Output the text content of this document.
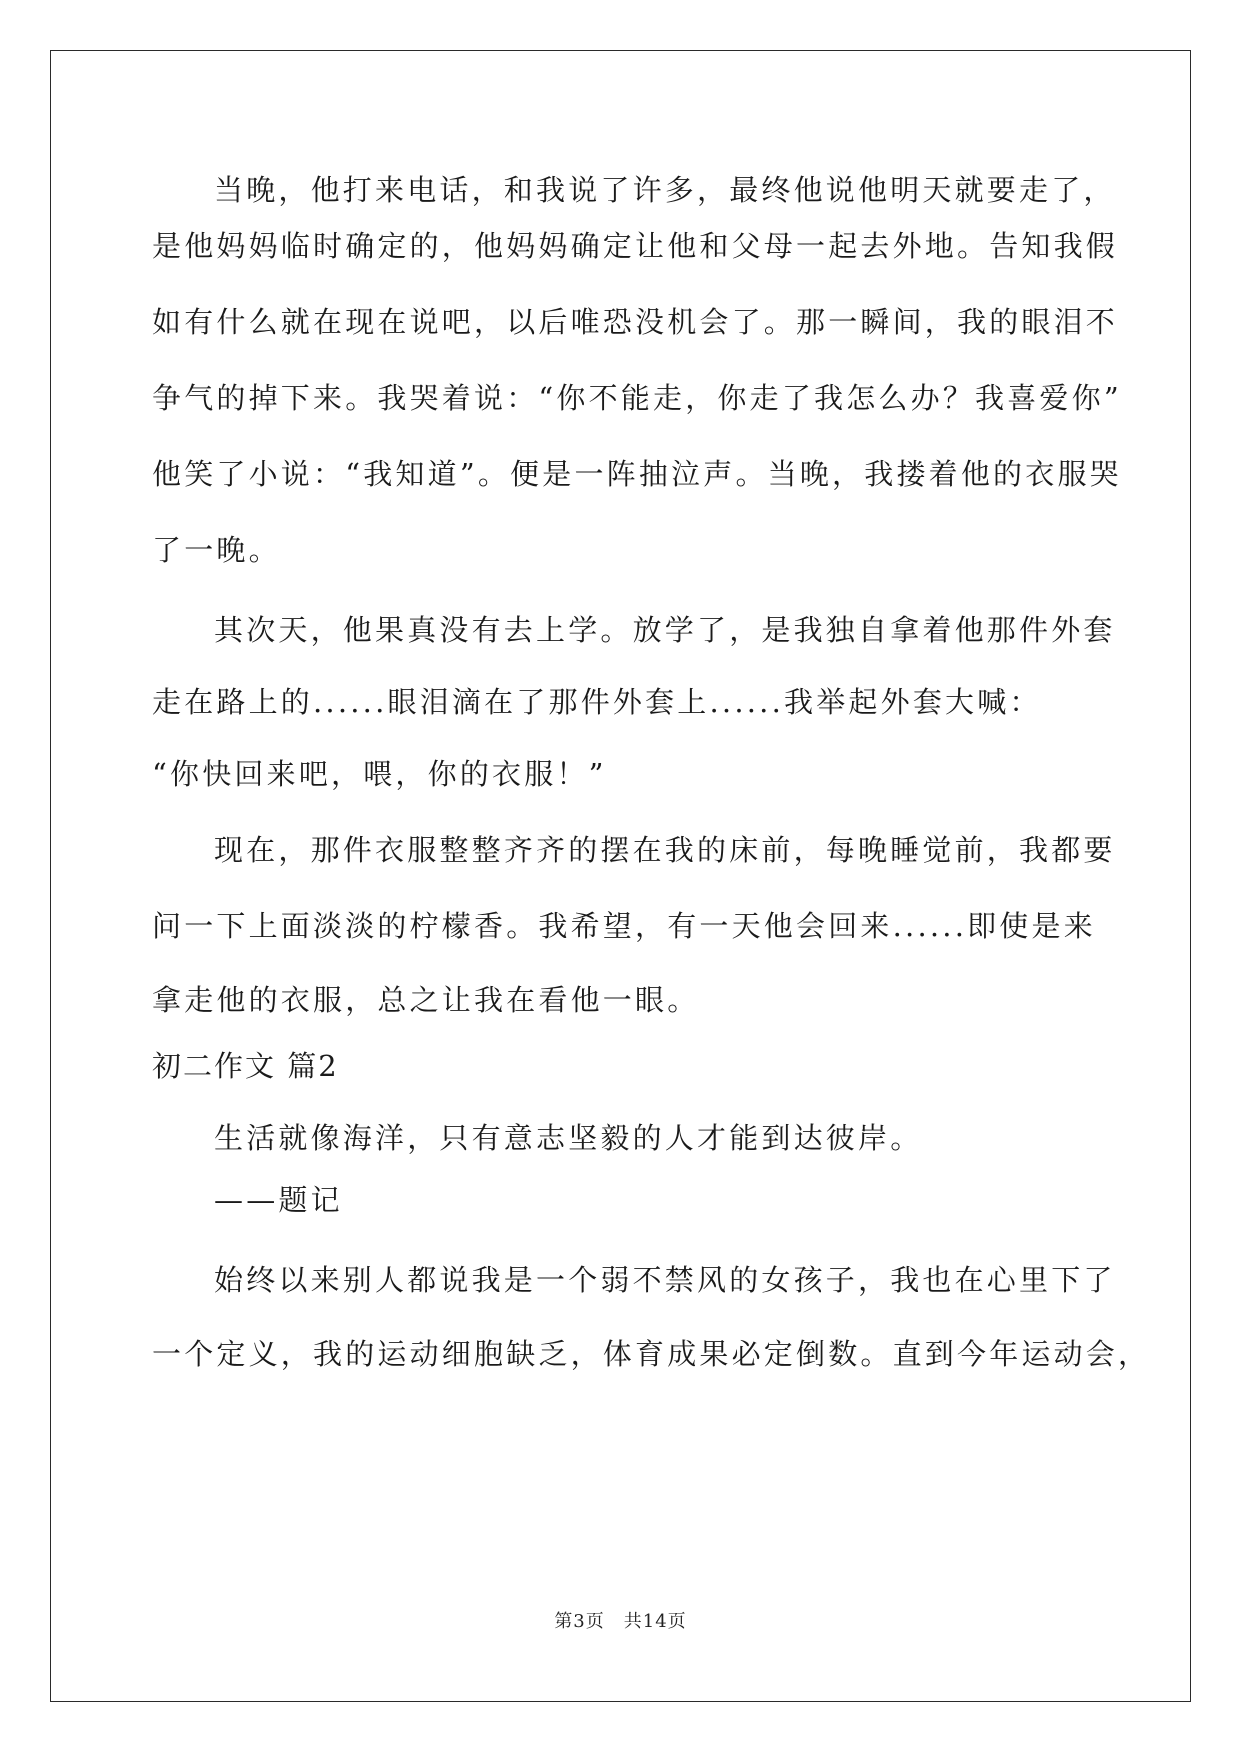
当晚，他打来电话，和我说了许多，最终他说他明天就要走了，
是他妈妈临时确定的，他妈妈确定让他和父母一起去外地。告知我假
如有什么就在现在说吧，以后唯恐没机会了。那一瞬间，我的眼泪不
争气的掉下来。我哭着说：“你不能走，你走了我怎么办？我喜爱你”
他笑了小说：“我知道”。便是一阵抽泣声。当晚，我搂着他的衣服哭
了一晚。
其次天，他果真没有去上学。放学了，是我独自拿着他那件外套
走在路上的......眼泪滴在了那件外套上......我举起外套大喊：
“你快回来吧，喂，你的衣服！”
现在，那件衣服整整齐齐的摆在我的床前，每晚睡觉前，我都要
问一下上面淡淡的柠檬香。我希望，有一天他会回来......即使是来
拿走他的衣服，总之让我在看他一眼。
初二作文 篇2
生活就像海洋，只有意志坚毅的人才能到达彼岸。
——题记
始终以来别人都说我是一个弱不禁风的女孩子，我也在心里下了
一个定义，我的运动细胞缺乏，体育成果必定倒数。直到今年运动会，
第3页　共14页
